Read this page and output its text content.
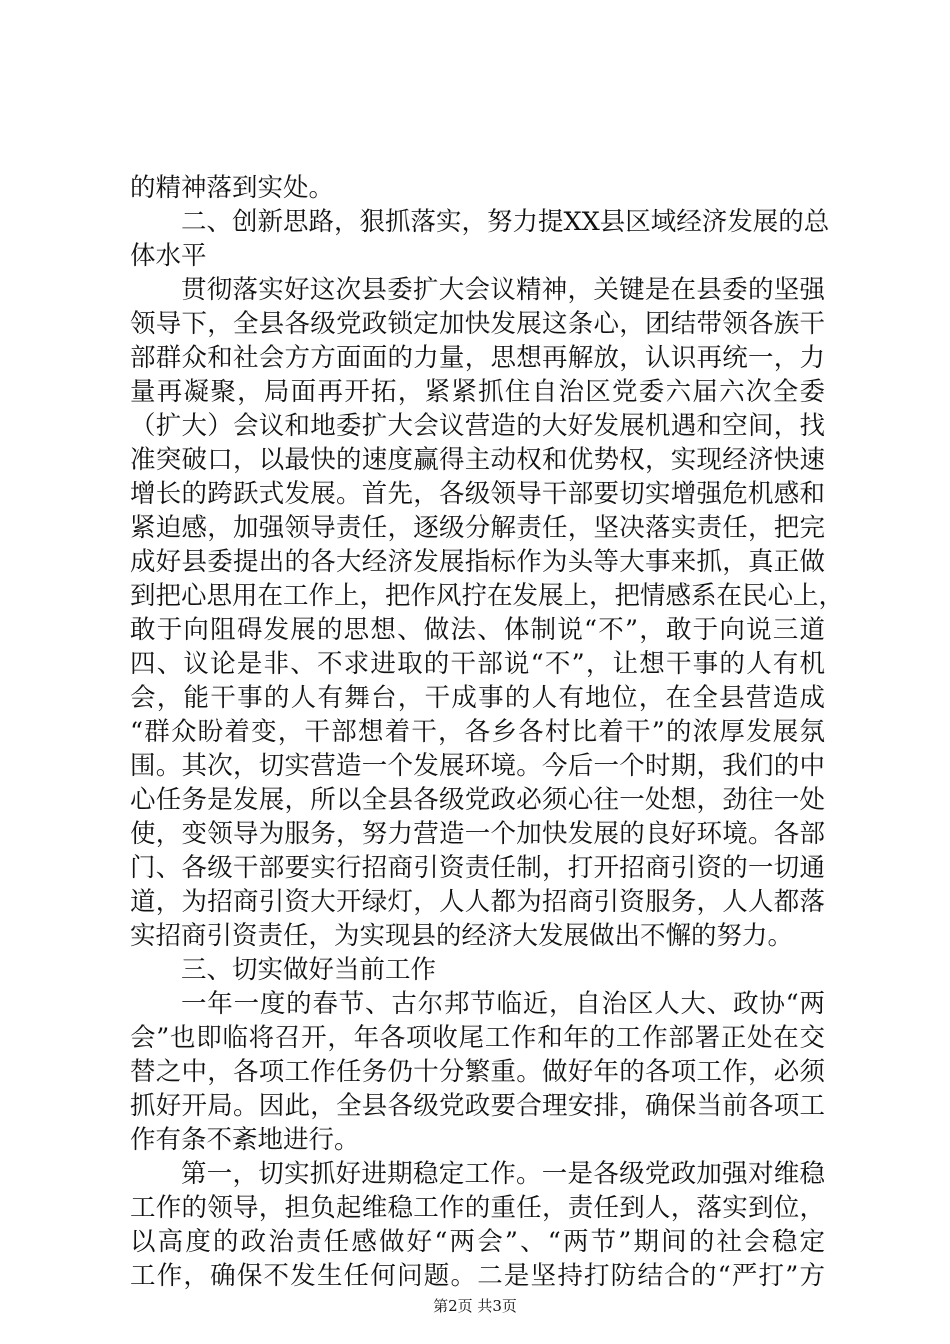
的精神落到实处。
二、创新思路，狠抓落实，努力提XX县区域经济发展的总
体水平
贯彻落实好这次县委扩大会议精神，关键是在县委的坚强
领导下，全县各级党政锁定加快发展这条心，团结带领各族干
部群众和社会方方面面的力量，思想再解放，认识再统一，力
量再凝聚，局面再开拓，紧紧抓住自治区党委六届六次全委
（扩大）会议和地委扩大会议营造的大好发展机遇和空间，找
准突破口，以最快的速度赢得主动权和优势权，实现经济快速
增长的跨跃式发展。首先，各级领导干部要切实增强危机感和
紧迫感，加强领导责任，逐级分解责任，坚决落实责任，把完
成好县委提出的各大经济发展指标作为头等大事来抓，真正做
到把心思用在工作上，把作风拧在发展上，把情感系在民心上，
敢于向阻碍发展的思想、做法、体制说“不”，敢于向说三道
四、议论是非、不求进取的干部说“不”，让想干事的人有机
会，能干事的人有舞台，干成事的人有地位，在全县营造成
“群众盼着变，干部想着干，各乡各村比着干”的浓厚发展氛
围。其次，切实营造一个发展环境。今后一个时期，我们的中
心任务是发展，所以全县各级党政必须心往一处想，劲往一处
使，变领导为服务，努力营造一个加快发展的良好环境。各部
门、各级干部要实行招商引资责任制，打开招商引资的一切通
道，为招商引资大开绿灯，人人都为招商引资服务，人人都落
实招商引资责任，为实现县的经济大发展做出不懈的努力。
三、切实做好当前工作
一年一度的春节、古尔邦节临近，自治区人大、政协“两
会”也即临将召开，年各项收尾工作和年的工作部署正处在交
替之中，各项工作任务仍十分繁重。做好年的各项工作，必须
抓好开局。因此，全县各级党政要合理安排，确保当前各项工
作有条不紊地进行。
第一，切实抓好进期稳定工作。一是各级党政加强对维稳
工作的领导，担负起维稳工作的重任，责任到人，落实到位，
以高度的政治责任感做好“两会”、“两节”期间的社会稳定
工作，确保不发生任何问题。二是坚持打防结合的“严打”方
第2页 共3页
